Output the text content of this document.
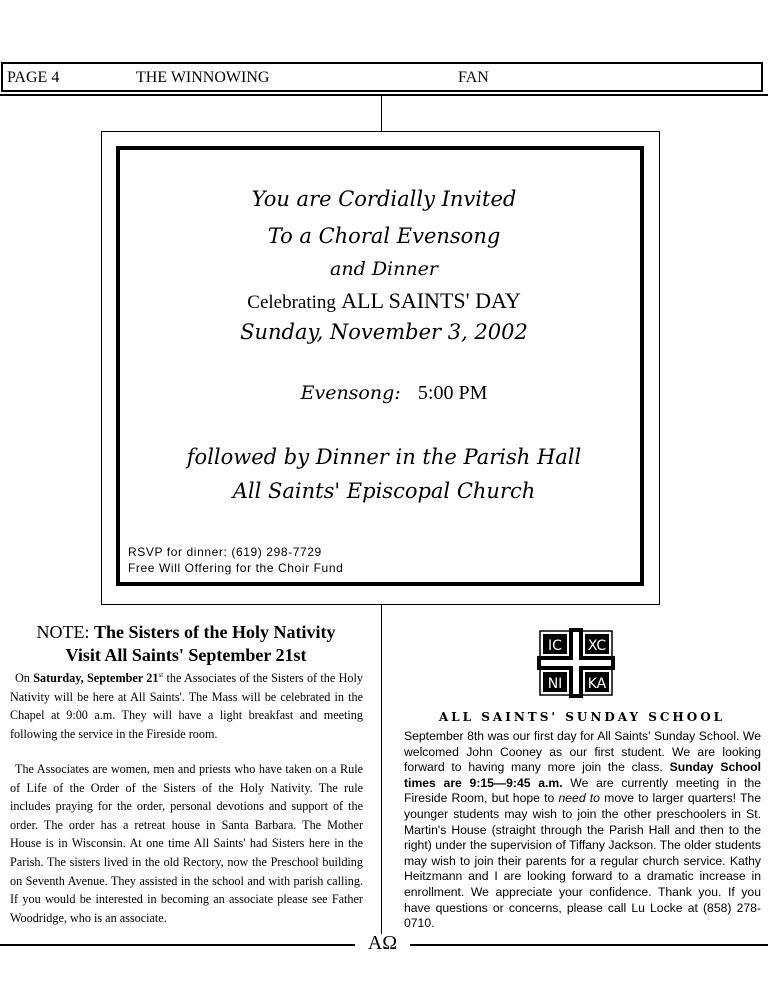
PAGE 4	THE WINNOWING	FAN
You are Cordially Invited
To a Choral Evensong
and Dinner
Celebrating ALL SAINTS' DAY
Sunday, November 3, 2002
Evensong: 5:00 PM
followed by Dinner in the Parish Hall
All Saints' Episcopal Church
RSVP for dinner: (619) 298-7729
Free Will Offering for the Choir Fund
NOTE: The Sisters of the Holy Nativity
Visit All Saints' September 21st
On Saturday, September 21st the Associates of the Sisters of the Holy Nativity will be here at All Saints'. The Mass will be celebrated in the Chapel at 9:00 a.m. They will have a light breakfast and meeting following the service in the Fireside room.
The Associates are women, men and priests who have taken on a Rule of Life of the Order of the Sisters of the Holy Nativity. The rule includes praying for the order, personal devotions and support of the order. The order has a retreat house in Santa Barbara. The Mother House is in Wisconsin. At one time All Saints' had Sisters here in the Parish. The sisters lived in the old Rectory, now the Preschool building on Seventh Avenue. They assisted in the school and with parish calling. If you would be interested in becoming an associate please see Father Woodridge, who is an associate.
IC XC
NI KA
ALL SAINTS' SUNDAY SCHOOL
September 8th was our first day for All Saints' Sunday School. We welcomed John Cooney as our first student. We are looking forward to having many more join the class. Sunday School times are 9:15—9:45 a.m. We are currently meeting in the Fireside Room, but hope to need to move to larger quarters! The younger students may wish to join the other preschoolers in St. Martin's House (straight through the Parish Hall and then to the right) under the supervision of Tiffany Jackson. The older students may wish to join their parents for a regular church service. Kathy Heitzmann and I are looking forward to a dramatic increase in enrollment. We appreciate your confidence. Thank you. If you have questions or concerns, please call Lu Locke at (858) 278-0710.
AΩ
